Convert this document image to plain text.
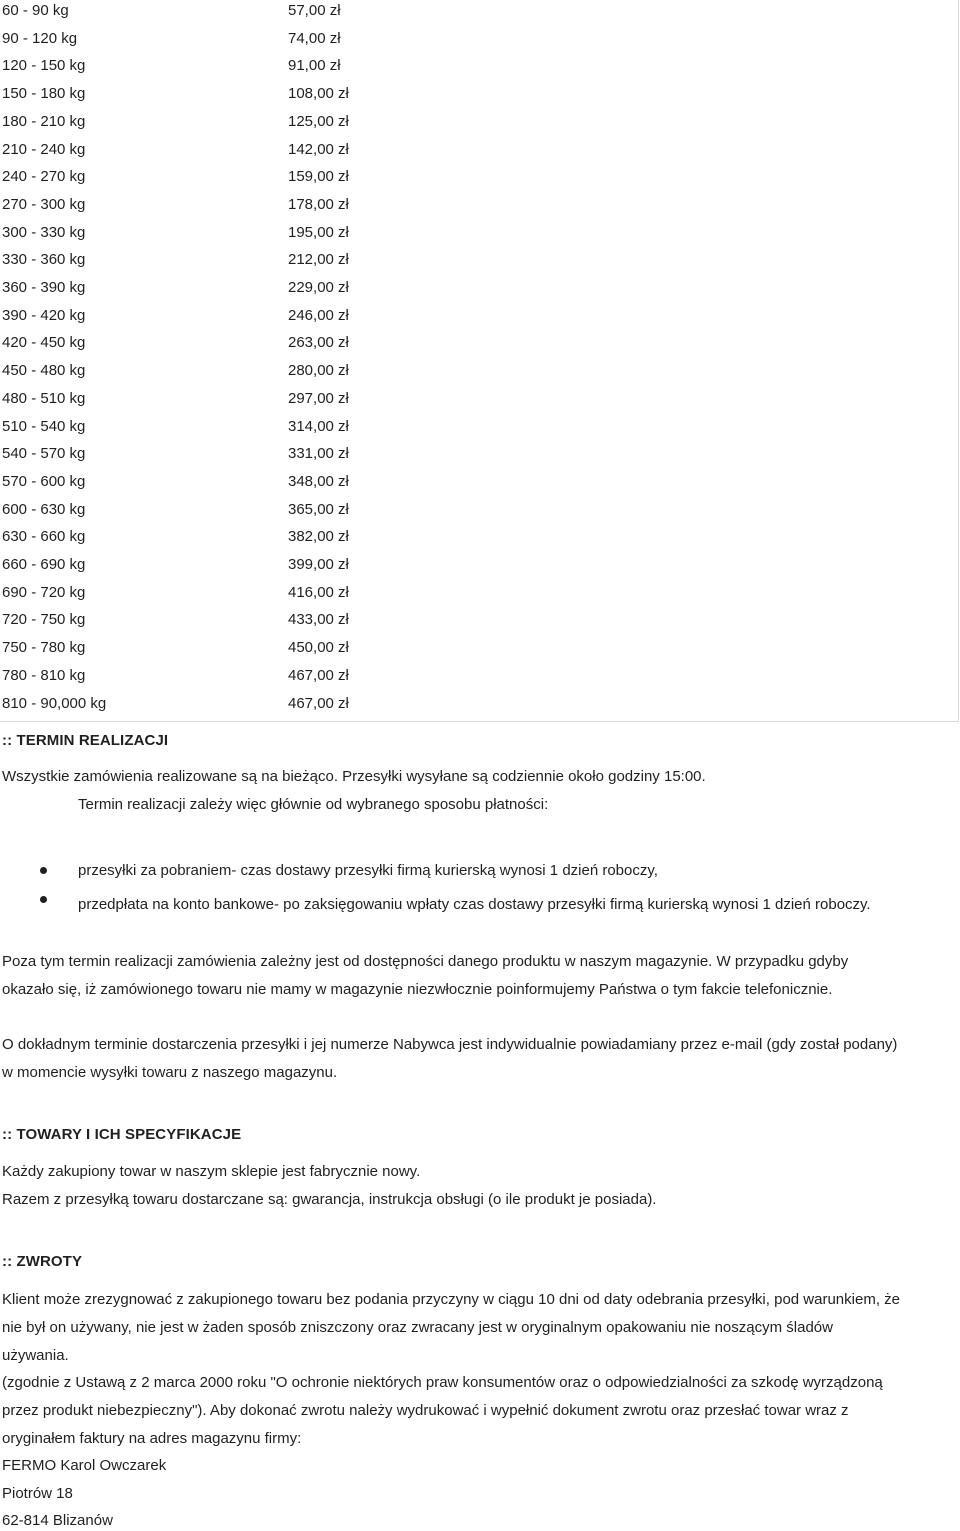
60 - 90 kg	57,00 zł
90 - 120 kg	74,00 zł
120 - 150 kg	91,00 zł
150 - 180 kg	108,00 zł
180 - 210 kg	125,00 zł
210 - 240 kg	142,00 zł
240 - 270 kg	159,00 zł
270 - 300 kg	178,00 zł
300 - 330 kg	195,00 zł
330 - 360 kg	212,00 zł
360 - 390 kg	229,00 zł
390 - 420 kg	246,00 zł
420 - 450 kg	263,00 zł
450 - 480 kg	280,00 zł
480 - 510 kg	297,00 zł
510 - 540 kg	314,00 zł
540 - 570 kg	331,00 zł
570 - 600 kg	348,00 zł
600 - 630 kg	365,00 zł
630 - 660 kg	382,00 zł
660 - 690 kg	399,00 zł
690 - 720 kg	416,00 zł
720 - 750 kg	433,00 zł
750 - 780 kg	450,00 zł
780 - 810 kg	467,00 zł
810 - 90,000 kg	467,00 zł
:: TERMIN REALIZACJI
Wszystkie zamówienia realizowane są na bieżąco. Przesyłki wysyłane są codziennie około godziny 15:00.
Termin realizacji zależy więc głównie od wybranego sposobu płatności:
przesyłki za pobraniem- czas dostawy przesyłki firmą kurierską wynosi 1 dzień roboczy,
przedpłata na konto bankowe- po zaksięgowaniu wpłaty czas dostawy przesyłki firmą kurierską wynosi 1 dzień roboczy.
Poza tym termin realizacji zamówienia zależny jest od dostępności danego produktu w naszym magazynie. W przypadku gdyby
okazało się, iż zamówionego towaru nie mamy w magazynie niezwłocznie poinformujemy Państwa o tym fakcie telefonicznie.
O dokładnym terminie dostarczenia przesyłki i jej numerze Nabywca jest indywidualnie powiadamiany przez e-mail (gdy został podany)
w momencie wysyłki towaru z naszego magazynu.
:: TOWARY I ICH SPECYFIKACJE
Każdy zakupiony towar w naszym sklepie jest fabrycznie nowy.
Razem z przesyłką towaru dostarczane są: gwarancja, instrukcja obsługi (o ile produkt je posiada).
:: ZWROTY
Klient może zrezygnować z zakupionego towaru bez podania przyczyny w ciągu 10 dni od daty odebrania przesyłki, pod warunkiem, że
nie był on używany, nie jest w żaden sposób zniszczony oraz zwracany jest w oryginalnym opakowaniu nie noszącym śladów
używania.
(zgodnie z Ustawą z 2 marca 2000 roku "O ochronie niektórych praw konsumentów oraz o odpowiedzialności za szkodę wyrządzoną
przez produkt niebezpieczny"). Aby dokonać zwrotu należy wydrukować i wypełnić dokument zwrotu oraz przesłać towar wraz z
oryginałem faktury na adres magazynu firmy:
FERMO Karol Owczarek
Piotrów 18
62-814 Blizanów
